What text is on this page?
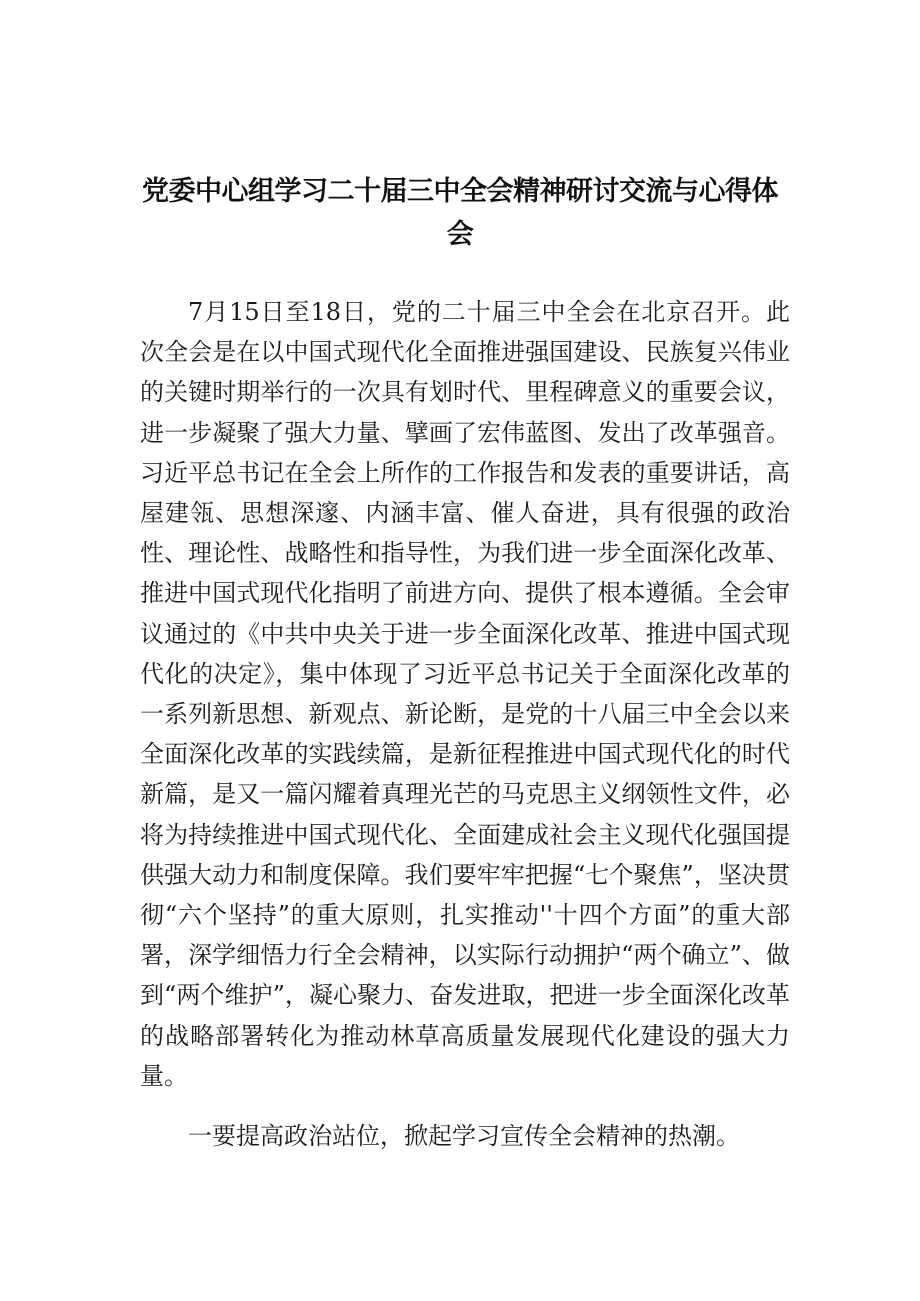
党委中心组学习二十届三中全会精神研讨交流与心得体会

7月15日至18日，党的二十届三中全会在北京召开。此次全会是在以中国式现代化全面推进强国建设、民族复兴伟业的关键时期举行的一次具有划时代、里程碑意义的重要会议，进一步凝聚了强大力量、擘画了宏伟蓝图、发出了改革强音。习近平总书记在全会上所作的工作报告和发表的重要讲话，高屋建瓴、思想深邃、内涵丰富、催人奋进，具有很强的政治性、理论性、战略性和指导性，为我们进一步全面深化改革、推进中国式现代化指明了前进方向、提供了根本遵循。全会审议通过的《中共中央关于进一步全面深化改革、推进中国式现代化的决定》，集中体现了习近平总书记关于全面深化改革的一系列新思想、新观点、新论断，是党的十八届三中全会以来全面深化改革的实践续篇，是新征程推进中国式现代化的时代新篇，是又一篇闪耀着真理光芒的马克思主义纲领性文件，必将为持续推进中国式现代化、全面建成社会主义现代化强国提供强大动力和制度保障。我们要牢牢把握“七个聚焦”，坚决贯彻“六个坚持”的重大原则，扎实推动''十四个方面”的重大部署，深学细悟力行全会精神，以实际行动拥护“两个确立”、做到“两个维护”，凝心聚力、奋发进取，把进一步全面深化改革的战略部署转化为推动林草高质量发展现代化建设的强大力量。

一要提高政治站位，掀起学习宣传全会精神的热潮。
